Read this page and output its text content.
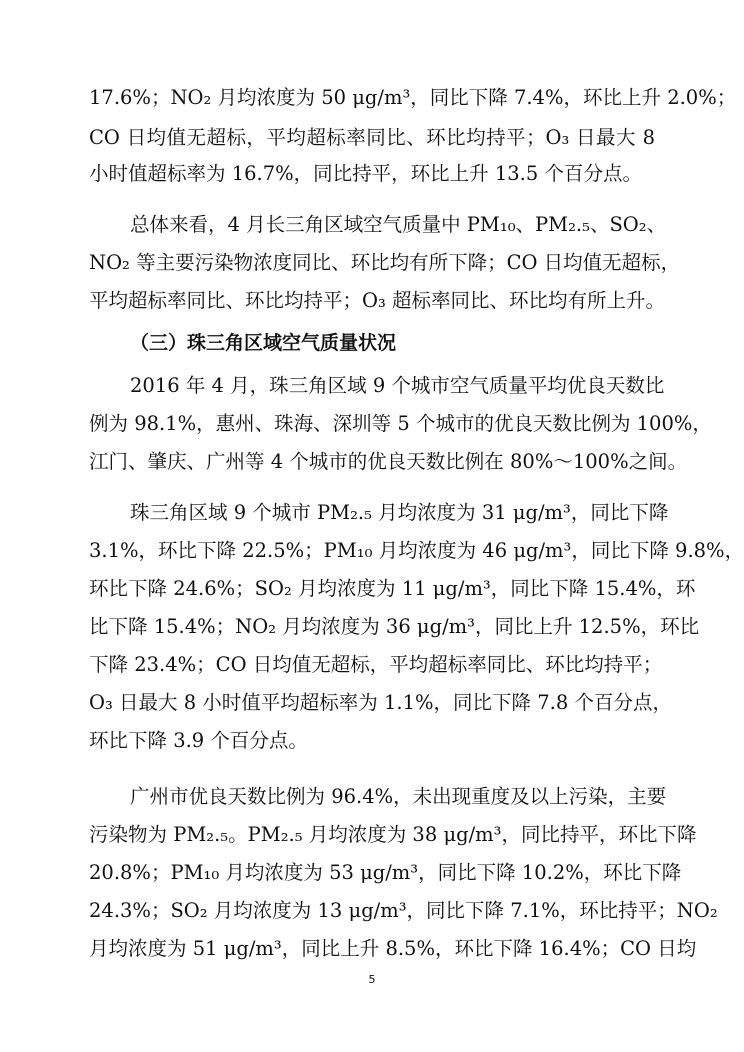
17.6%；NO₂ 月均浓度为 50 μg/m³，同比下降 7.4%，环比上升 2.0%；
CO 日均值无超标，平均超标率同比、环比均持平；O₃ 日最大 8
小时值超标率为 16.7%，同比持平，环比上升 13.5 个百分点。
总体来看，4 月长三角区域空气质量中 PM₁₀、PM₂.₅、SO₂、
NO₂ 等主要污染物浓度同比、环比均有所下降；CO 日均值无超标，
平均超标率同比、环比均持平；O₃ 超标率同比、环比均有所上升。
（三）珠三角区域空气质量状况
2016 年 4 月，珠三角区域 9 个城市空气质量平均优良天数比
例为 98.1%，惠州、珠海、深圳等 5 个城市的优良天数比例为 100%，
江门、肇庆、广州等 4 个城市的优良天数比例在 80%～100%之间。
珠三角区域 9 个城市 PM₂.₅ 月均浓度为 31 μg/m³，同比下降
3.1%，环比下降 22.5%；PM₁₀ 月均浓度为 46 μg/m³，同比下降 9.8%，
环比下降 24.6%；SO₂ 月均浓度为 11 μg/m³，同比下降 15.4%，环
比下降 15.4%；NO₂ 月均浓度为 36 μg/m³，同比上升 12.5%，环比
下降 23.4%；CO 日均值无超标，平均超标率同比、环比均持平；
O₃ 日最大 8 小时值平均超标率为 1.1%，同比下降 7.8 个百分点，
环比下降 3.9 个百分点。
广州市优良天数比例为 96.4%，未出现重度及以上污染，主要
污染物为 PM₂.₅。PM₂.₅ 月均浓度为 38 μg/m³，同比持平，环比下降
20.8%；PM₁₀ 月均浓度为 53 μg/m³，同比下降 10.2%，环比下降
24.3%；SO₂ 月均浓度为 13 μg/m³，同比下降 7.1%，环比持平；NO₂
月均浓度为 51 μg/m³，同比上升 8.5%，环比下降 16.4%；CO 日均
5
